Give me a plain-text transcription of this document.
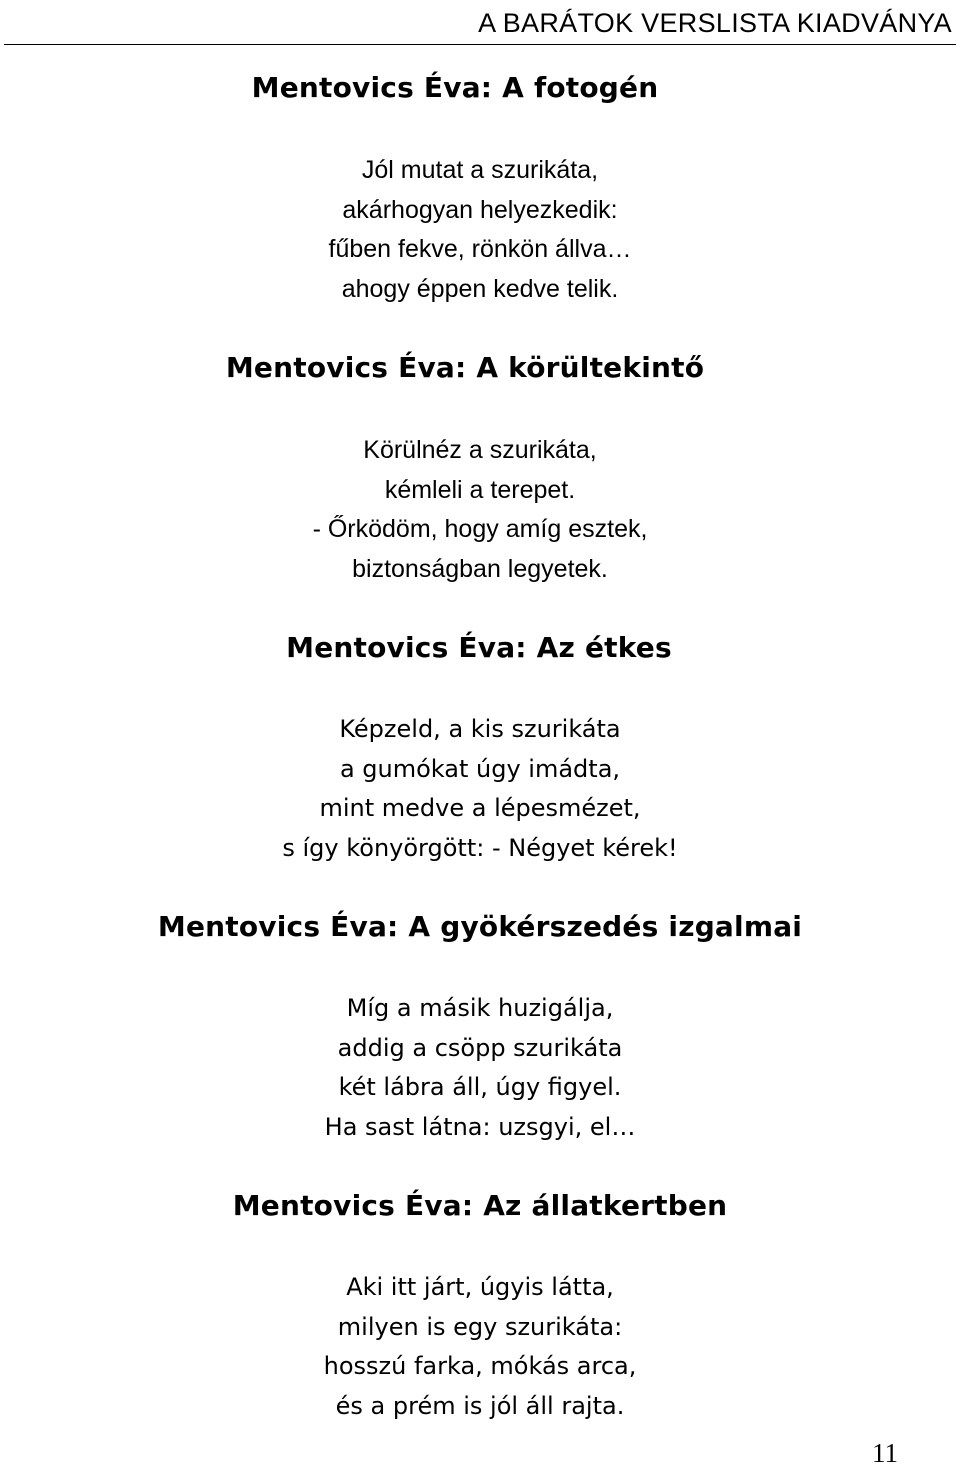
A BARÁTOK VERSLISTA KIADVÁNYA
Mentovics Éva: A fotogén
Jól mutat a szurikáta,
akárhogyan helyezkedik:
fűben fekve, rönkön állva…
ahogy éppen kedve telik.
Mentovics Éva: A körültekintő
Körülnéz a szurikáta,
kémleli a terepet.
- Őrködöm, hogy amíg esztek,
biztonságban legyetek.
Mentovics Éva: Az étkes
Képzeld, a kis szurikáta
a gumókat úgy imádta,
mint medve a lépesmézet,
s így könyörgött: - Négyet kérek!
Mentovics Éva: A gyökérszedés izgalmai
Míg a másik huzigálja,
addig a csöpp szurikáta
két lábra áll, úgy figyel.
Ha sast látna: uzsgyi, el…
Mentovics Éva: Az állatkertben
Aki itt járt, úgyis látta,
milyen is egy szurikáta:
hosszú farka, mókás arca,
és a prém is jól áll rajta.
11
